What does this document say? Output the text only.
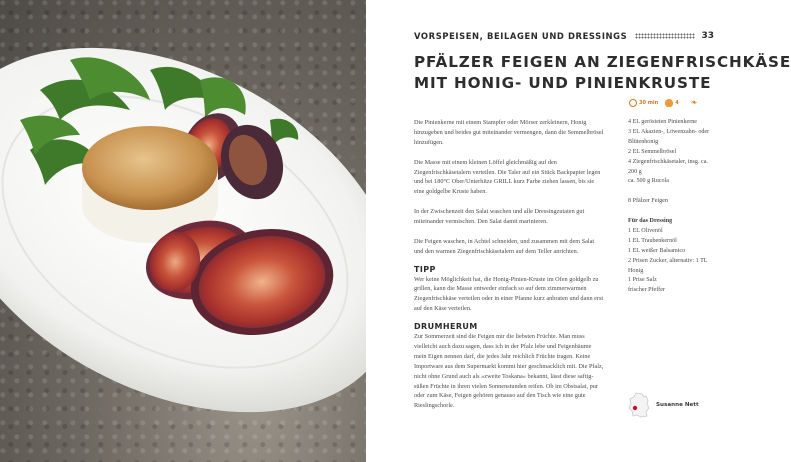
VORSPEISEN, BEILAGEN UND DRESSINGS	33
PFÄLZER FEIGEN AN ZIEGENFRISCHKÄSE
MIT HONIG- UND PINIENKRUSTE
30 min	4 ❧

Die Pinienkerne mit einem Stampfer oder Mörser zerkleinern, Honig hinzugeben und beides gut miteinander vermengen, dann die Semmelbrösel hinzufügen.

Die Masse mit einem kleinen Löffel gleichmäßig auf den Ziegenfrischkäsetalern verteilen. Die Taler auf ein Stück Backpapier legen und bei 180°C Ober/Unterhitze GRILL kurz Farbe ziehen lassen, bis sie eine goldgelbe Kruste haben.

In der Zwischenzeit den Salat waschen und alle Dressingzutaten gut miteinander vermischen. Den Salat damit marinieren.

Die Feigen waschen, in Achtel schneiden, und zusammen mit dem Salat und den warmen Ziegenfrischkäsetalern auf dem Teller anrichten.

TIPP

Wer keine Möglichkeit hat, die Honig-Pinien-Kruste im Ofen goldgelb zu grillen, kann die Masse entweder einfach so auf dem zimmerwarmen Ziegenfrischkäse verteilen oder in einer Pfanne kurz anbraten und dann erst auf den Käse verteilen.

DRUMHERUM

Zur Sommerzeit sind die Feigen mir die liebsten Früchte. Man muss vielleicht auch dazu sagen, dass ich in der Pfalz lebe und Feigenbäume mein Eigen nennen darf, die jedes Jahr reichlich Früchte tragen. Keine Importware aus dem Supermarkt kommt hier geschmacklich mit. Die Pfalz, nicht ohne Grund auch als »zweite Toskana« bekannt, lässt diese saftig-süßen Früchte in ihren vielen Sonnenstunden reifen. Ob im Obstsalat, pur oder zum Käse, Feigen gehören genauso auf den Tisch wie eine gute Rieslingschorle.

4 EL gerösteten Pinienkerne
3 EL Akazien-, Löwenzahn- oder Blütenhonig
2 EL Semmelbrösel
4 Ziegenfrischkäsetaler, insg. ca. 200 g
ca. 500 g Rucola
8 Pfälzer Feigen
Für das Dressing
1 EL Olivenöl
1 EL Traubenkernöl
1 EL weißer Balsamico
2 Prisen Zucker, alternativ: 1 TL Honig
1 Prise Salz
frischer Pfeffer
Susanne Nett
